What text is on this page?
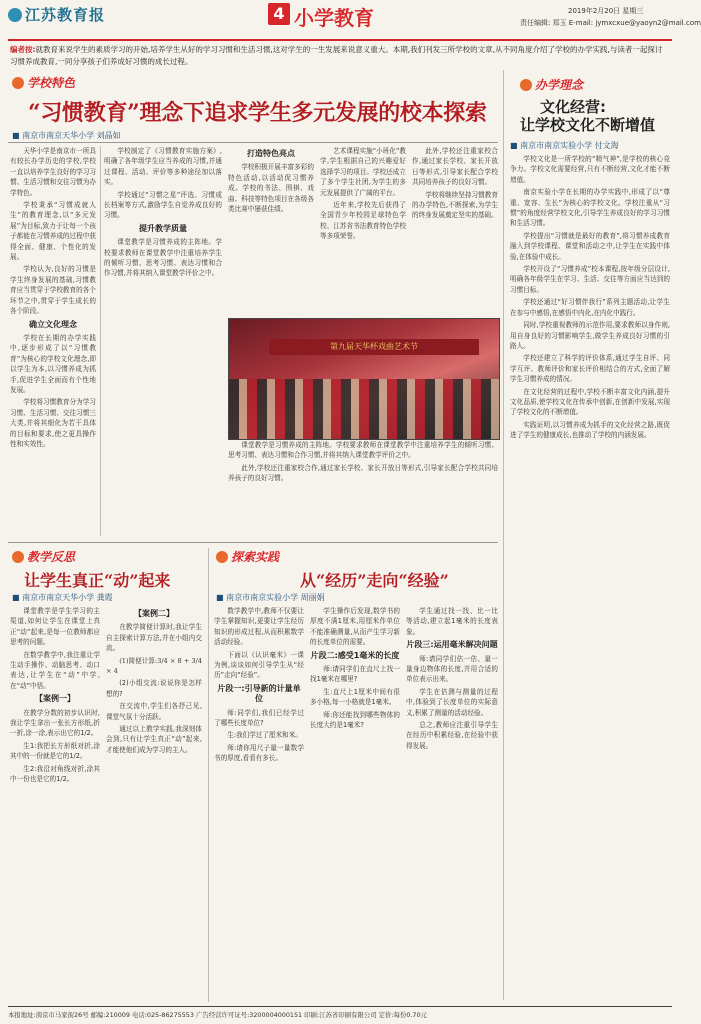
江苏教育报	4 小学教育	2019年2月20日 星期三
责任编辑: 郑玉 E-mail: jymxcxue@yaoyn2@mail.com
编者按:就教育来说学生的素质学习的开始,培养学生从好的学习习惯和生活习惯,这对学生的一生发展来说意义重大。本期,我们刊发三所学校的文章,从不同角度介绍了学校的办学实践,与读者一起探讨习惯养成教育,一同分享孩子们养成好习惯的成长过程。
学校特色
“习惯教育”理念下追求学生多元发展的校本探索
■ 南京市南京天华小学 刘晶如

天华小学是南京市一所具有较长办学历史的学校,学校一直以培养学生良好的学习习惯、生活习惯和交往习惯为办学特色。

学校秉承“习惯成就人生”的教育理念,以“多元发展”为目标,致力于让每一个孩子都能在习惯养成的过程中获得全面、健康、个性化的发展。

学校认为,良好的习惯是学生终身发展的基础,习惯教育应当贯穿于学校教育的各个环节之中,贯穿于学生成长的各个阶段。

确立文化理念

学校在长期的办学实践中,逐步形成了以“习惯教育”为核心的学校文化理念,即以学生为本,以习惯养成为抓手,促进学生全面而有个性地发展。

学校将习惯教育分为学习习惯、生活习惯、交往习惯三大类,并将其细化为若干具体的目标和要求,使之更具操作性和实效性。

学校制定了《习惯教育实施方案》,明确了各年级学生应当养成的习惯,并通过课程、活动、评价等多种途径加以落实。

学校通过“习惯之星”评选、习惯成长档案等方式,激励学生自觉养成良好的习惯。

提升教学质量

课堂教学是习惯养成的主阵地。学校要求教师在课堂教学中注重培养学生的倾听习惯、思考习惯、表达习惯和合作习惯,并将其纳入课堂教学评价之中。

打造特色亮点

学校积极开展丰富多彩的特色活动,以活动促习惯养成。学校的书法、围棋、戏曲、科技等特色项目在各级各类比赛中屡获佳绩。

艺术课程实施“小班化”教学,学生根据自己的兴趣爱好选择学习的项目。学校还成立了多个学生社团,为学生的多元发展提供了广阔的平台。

近年来,学校先后获得了全国青少年校园足球特色学校、江苏省书法教育特色学校等多项荣誉。

此外,学校还注重家校合作,通过家长学校、家长开放日等形式,引导家长配合学校共同培养孩子的良好习惯。

学校将继续坚持习惯教育的办学特色,不断探索,为学生的终身发展奠定坚实的基础。

第九届天华杯戏曲艺术节

课堂教学是习惯养成的主阵地。学校要求教师在课堂教学中注重培养学生的倾听习惯、思考习惯、表达习惯和合作习惯,并将其纳入课堂教学评价之中。

此外,学校还注重家校合作,通过家长学校、家长开放日等形式,引导家长配合学校共同培养孩子的良好习惯。

办学理念
文化经营:
让学校文化不断增值
■ 南京市南京实验小学 付文海

学校文化是一所学校的“精气神”,是学校的核心竞争力。学校文化需要经营,只有不断经营,文化才能不断增值。

南京实验小学在长期的办学实践中,形成了以“尊重、宽容、生长”为核心的学校文化。学校注重从“习惯”的角度经营学校文化,引导学生养成良好的学习习惯和生活习惯。

学校提出“习惯就是最好的教育”,将习惯养成教育融入到学校课程、课堂和活动之中,让学生在实践中体验,在体验中成长。

学校开设了“习惯养成”校本课程,按年级分层设计,明确各年级学生在学习、生活、交往等方面应当达到的习惯目标。

学校还通过“好习惯伴我行”系列主题活动,让学生在参与中感悟,在感悟中内化,在内化中践行。

同时,学校重视教师的示范作用,要求教师以身作则,用自身良好的习惯影响学生,做学生养成良好习惯的引路人。

学校还建立了科学的评价体系,通过学生自评、同学互评、教师评价和家长评价相结合的方式,全面了解学生习惯养成的情况。

在文化经营的过程中,学校不断丰富文化内涵,提升文化品质,使学校文化在传承中创新,在创新中发展,实现了学校文化的不断增值。

实践证明,以习惯养成为抓手的文化经营之路,既促进了学生的健康成长,也推动了学校的内涵发展。

教学反思
让学生真正“动”起来
■ 南京市南京天华小学 龚霞

课堂教学是学生学习的主渠道,如何让学生在课堂上真正“动”起来,是每一位教师都应思考的问题。

在数学教学中,我注重让学生动手操作、动脑思考、动口表达,让学生在“动”中学,在“动”中悟。

【案例一】

在教学分数的初步认识时,我让学生拿出一张长方形纸,折一折,涂一涂,表示出它的1/2。

生1:我把长方形纸对折,涂其中的一份就是它的1/2。

生2:我沿对角线对折,涂其中一份也是它的1/2。

【案例二】

在教学简便计算时,我让学生自主探索计算方法,并在小组内交流。

(1)简便计算:3/4 × 8 + 3/4 × 4

(2)小组交流:说说你是怎样想的?

在交流中,学生们各抒己见,课堂气氛十分活跃。

通过以上教学实践,我深刻体会到,只有让学生真正“动”起来,才能使他们成为学习的主人。

探索实践
从“经历”走向“经验”
■ 南京市南京实验小学 周丽娟

数学教学中,教师不仅要让学生掌握知识,更要让学生经历知识的形成过程,从而积累数学活动经验。

下面以《认识毫米》一课为例,谈谈如何引导学生从“经历”走向“经验”。

片段一:引导新的计量单位

师:同学们,我们已经学过了哪些长度单位?

生:我们学过了厘米和米。

师:请你用尺子量一量数学书的厚度,看看有多长。

学生操作后发现,数学书的厚度不满1厘米,用厘米作单位不能准确测量,从而产生学习新的长度单位的需要。

片段二:感受1毫米的长度

师:请同学们在直尺上找一找1毫米在哪里?

生:直尺上1厘米中间有很多小格,每一小格就是1毫米。

师:你还能找到哪些物体的长度大约是1毫米?

学生通过找一找、比一比等活动,建立起1毫米的长度表象。

片段三:运用毫米解决问题

师:请同学们估一估、量一量身边物体的长度,并用合适的单位表示出来。

学生在估测与测量的过程中,体验到了长度单位的实际意义,积累了测量的活动经验。

总之,教师应注重引导学生在经历中积累经验,在经验中获得发展。

本报地址:南京市马家街26号 邮编:210009 电话:025-86275553 广告经营许可证号:3200004000151 印刷:江苏省印刷有限公司 定价:每份0.70元
